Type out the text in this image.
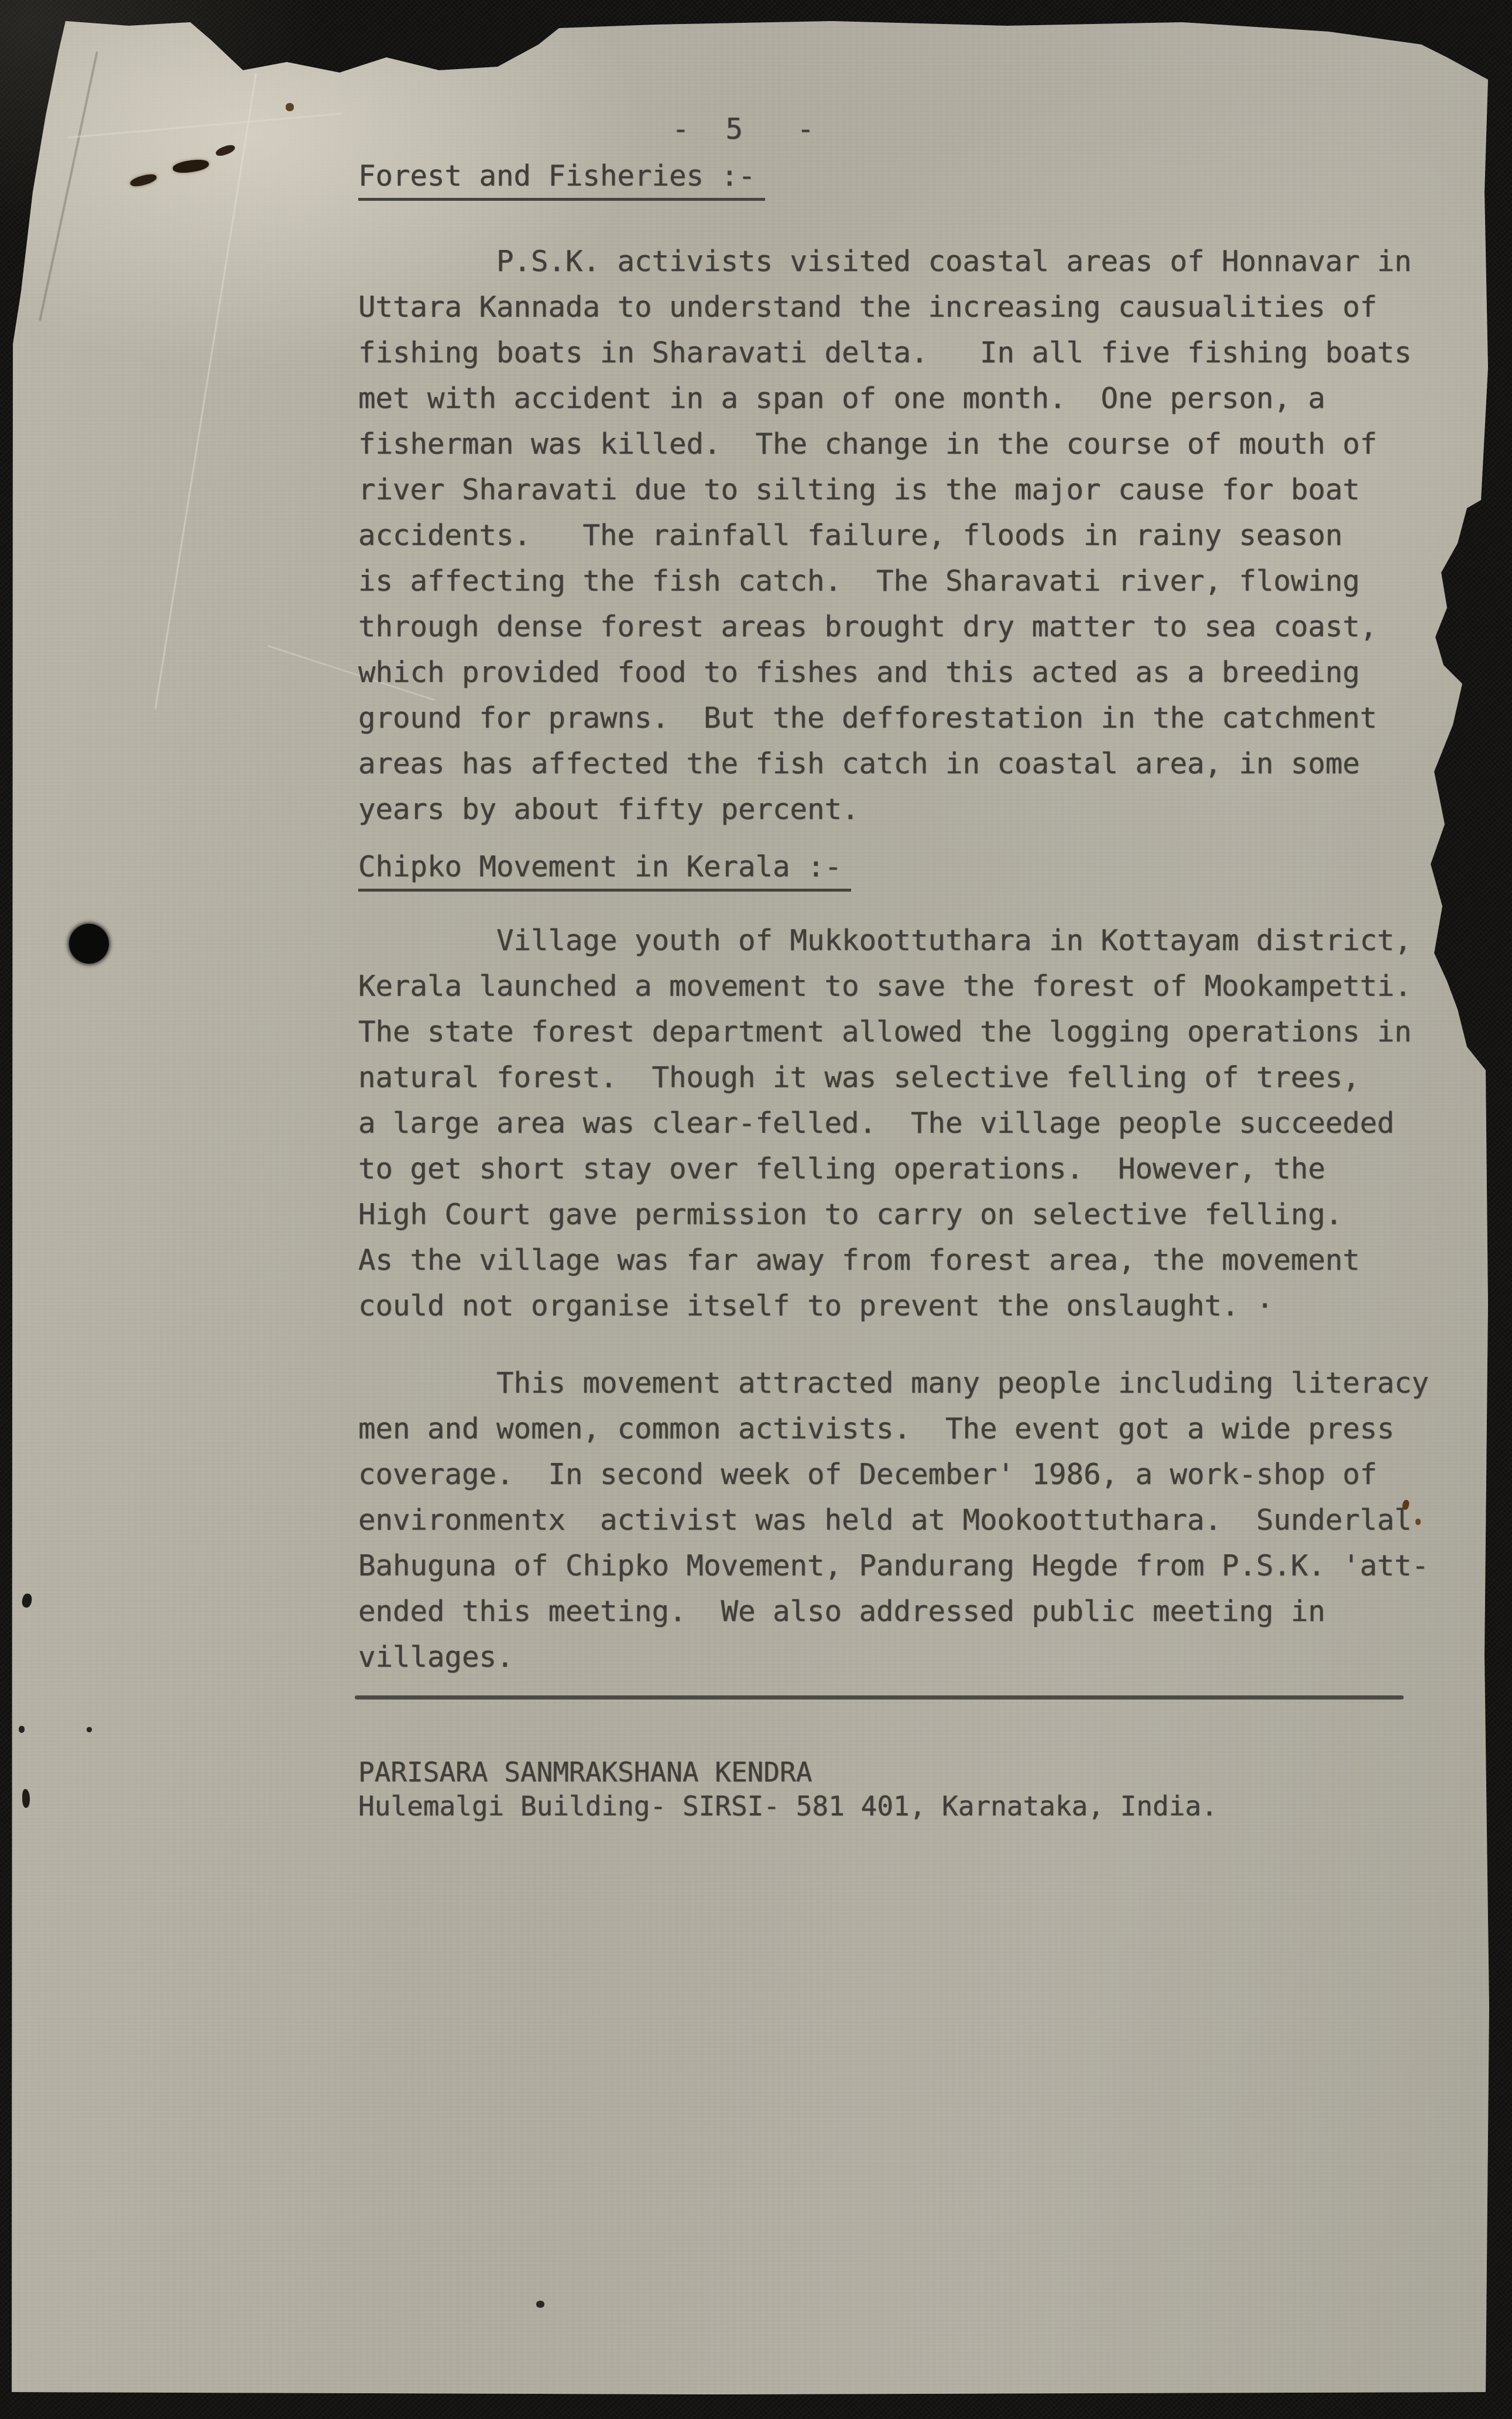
-  5   -
Forest and Fisheries :-
P.S.K. activists visited coastal areas of Honnavar in
Uttara Kannada to understand the increasing causualities of
fishing boats in Sharavati delta.   In all five fishing boats
met with accident in a span of one month.  One person, a
fisherman was killed.  The change in the course of mouth of
river Sharavati due to silting is the major cause for boat
accidents.   The rainfall failure, floods in rainy season
is affecting the fish catch.  The Sharavati river, flowing
through dense forest areas brought dry matter to sea coast,
which provided food to fishes and this acted as a breeding
ground for prawns.  But the defforestation in the catchment
areas has affected the fish catch in coastal area, in some
years by about fifty percent.
Chipko Movement in Kerala :-
Village youth of Mukkoottuthara in Kottayam district,
Kerala launched a movement to save the forest of Mookampetti.
The state forest department allowed the logging operations in
natural forest.  Though it was selective felling of trees,
a large area was clear-felled.  The village people succeeded
to get short stay over felling operations.  However, the
High Court gave permission to carry on selective felling.
As the village was far away from forest area, the movement
could not organise itself to prevent the onslaught. ·
This movement attracted many people including literacy
men and women, common activists.  The event got a wide press
coverage.  In second week of December' 1986, a work-shop of
environmentx  activist was held at Mookoottuthara.  Sunderlal
Bahuguna of Chipko Movement, Pandurang Hegde from P.S.K. 'att-
ended this meeting.  We also addressed public meeting in
villages.
PARISARA SANMRAKSHANA KENDRA
Hulemalgi Building- SIRSI- 581 401, Karnataka, India.
